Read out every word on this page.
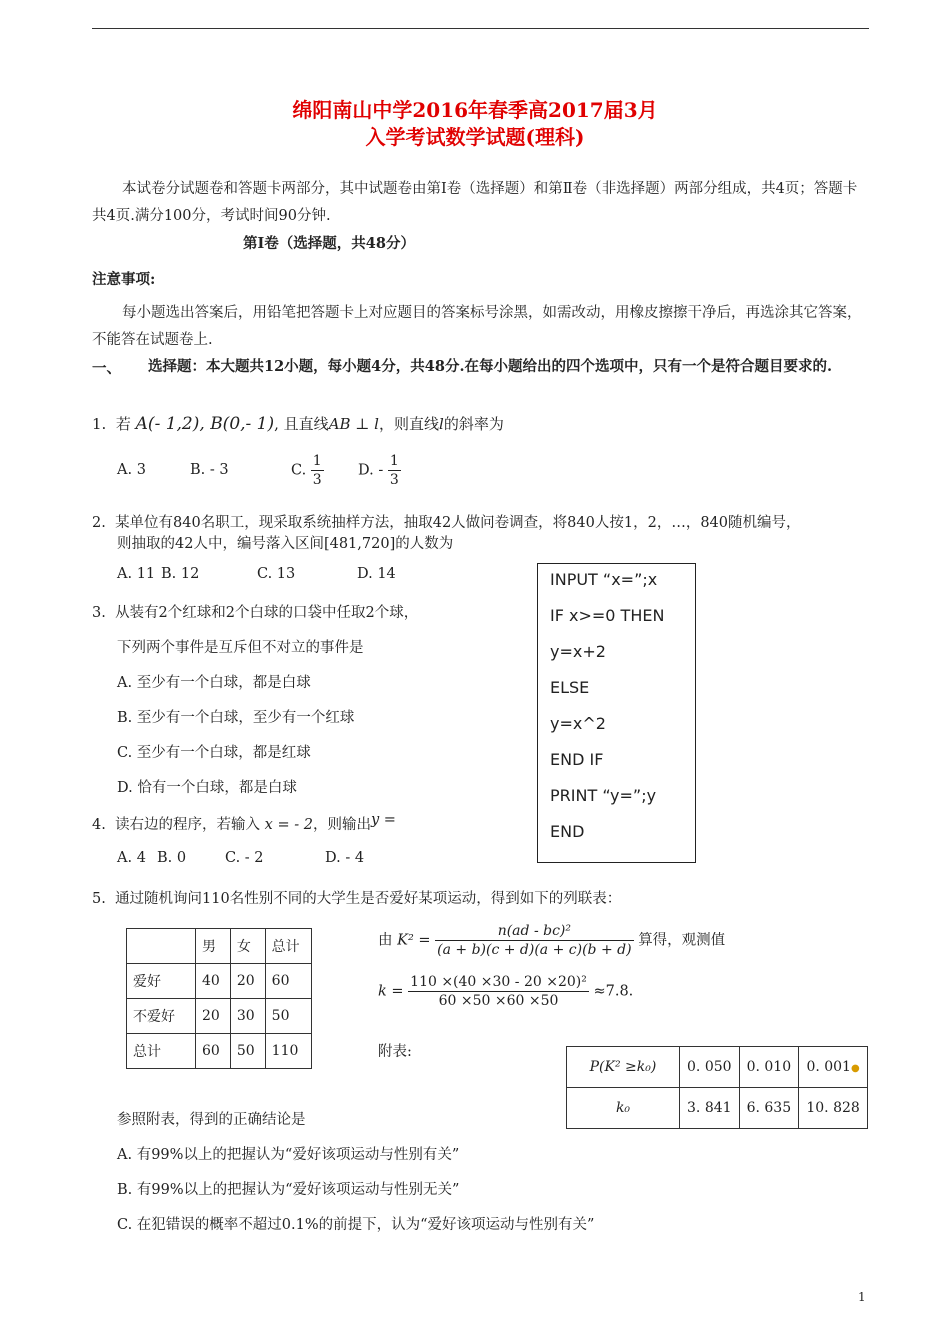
绵阳南山中学2016年春季高2017届3月
入学考试数学试题(理科)
本试卷分试题卷和答题卡两部分，其中试题卷由第Ⅰ卷（选择题）和第Ⅱ卷（非选择题）两部分组成，共4页；答题卡共4页.满分100分，考试时间90分钟.
第Ⅰ卷（选择题，共48分）
注意事项:
每小题选出答案后，用铅笔把答题卡上对应题目的答案标号涂黑，如需改动，用橡皮擦擦干净后，再选涂其它答案，不能答在试题卷上.
一、 选择题：本大题共12小题，每小题4分，共48分.在每小题给出的四个选项中，只有一个是符合题目要求的.
1. 若 A(- 1,2), B(0,- 1), 且直线AB ⊥ l，则直线l的斜率为
A. 3	B. - 3	C. $\frac{1}{3} D$. - $\frac{1}{3}$
2. 某单位有840名职工，现采取系统抽样方法，抽取42人做问卷调查，将840人按1，2，…，840随机编号，
则抽取的42人中，编号落入区间[481,720]的人数为
A. 11 B. 12	C. 13	D. 14	INPUT “x=”;x
IF x>=0 THEN
y=x+2
ELSE
y=x^2
END IF
PRINT “y=”;y
END
3. 从装有2个红球和2个白球的口袋中任取2个球，
下列两个事件是互斥但不对立的事件是
A. 至少有一个白球，都是白球
B. 至少有一个白球，至少有一个红球
C. 至少有一个白球，都是红球
D. 恰有一个白球，都是白球
4. 读右边的程序，若输入 x = - 2，则输出y =
A. 4 B. 0	C. - 2	D. - 4
5. 通过随机询问110名性别不同的大学生是否爱好某项运动，得到如下的列联表：
	男	女	总计
爱好	40	20	60
不爱好	20	30	50
总计	60	50	110
由 $K^2 = \frac{\text{n(ad - bc)²}}{(a + b)(c + d)(a + c)(b + d)}$ 算得，观测值
$k = \frac{\text{110 ×(40 ×30 - 20 ×20)²}}{60 \times 50 \times 60 \times 50} \approx 7.8$.
附表:
P(K² ≥k₀)	0. 050	0. 010	0. 001●
k₀	3. 841	6. 635	10. 828
参照附表，得到的正确结论是
A. 有99%以上的把握认为“爱好该项运动与性别有关”
B. 有99%以上的把握认为“爱好该项运动与性别无关”
C. 在犯错误的概率不超过0.1%的前提下，认为“爱好该项运动与性别有关”
1
